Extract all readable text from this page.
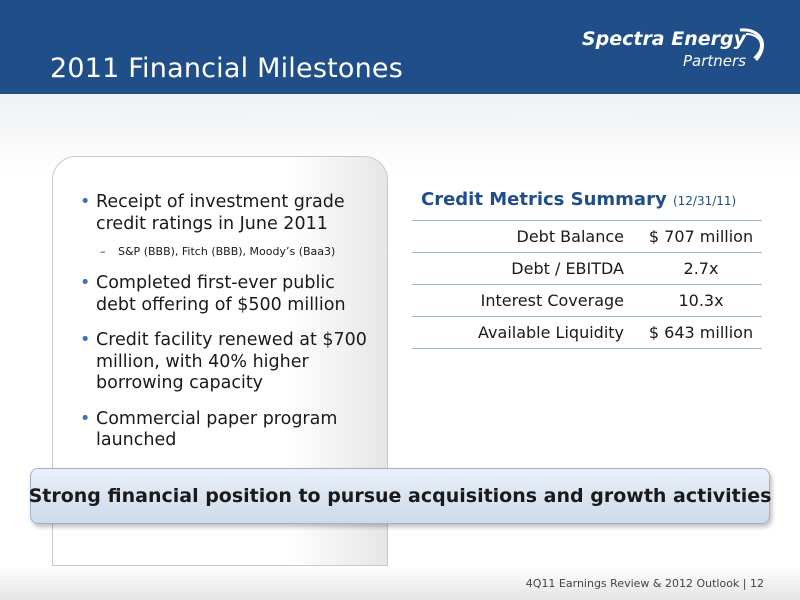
2011 Financial Milestones
Spectra Energy
Partners
• Receipt of investment grade credit ratings in June 2011
– S&P (BBB), Fitch (BBB), Moody’s (Baa3)
• Completed first-ever public debt offering of $500 million
• Credit facility renewed at $700 million, with 40% higher borrowing capacity
• Commercial paper program launched
Credit Metrics Summary (12/31/11)
Debt Balance	$ 707 million
Debt / EBITDA	2.7x
Interest Coverage	10.3x
Available Liquidity	$ 643 million
Strong financial position to pursue acquisitions and growth activities
4Q11 Earnings Review & 2012 Outlook | 12
